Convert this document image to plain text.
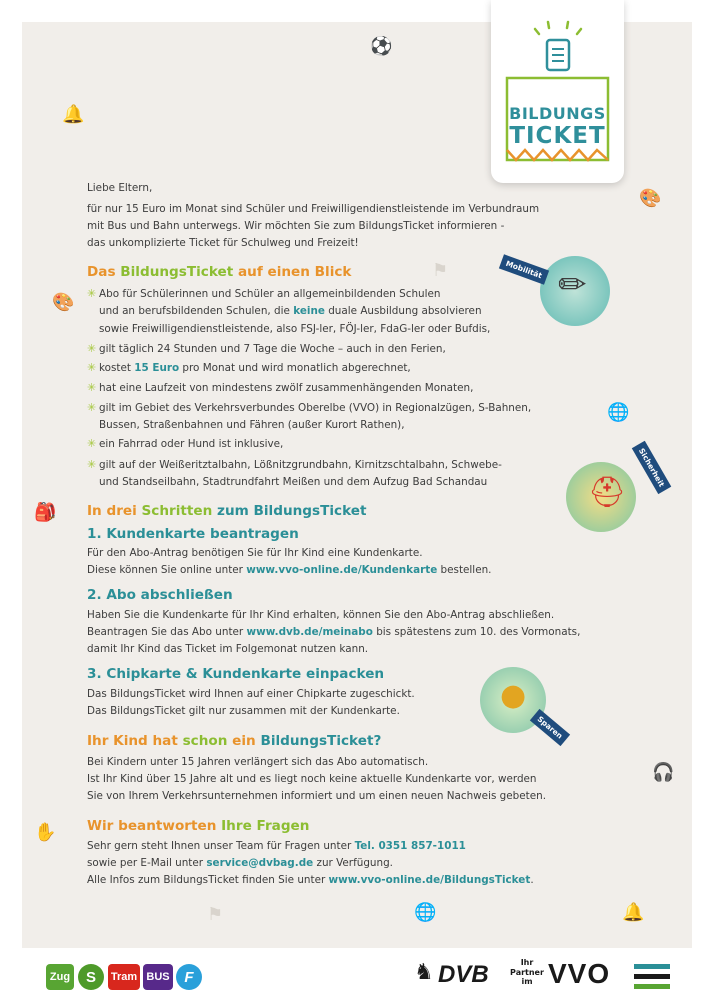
🔔
⚽
⚑
🎨
🌐
🎒
🎨
🎧
✋
⚑	🌐	🔔
BILDUNGS
TICKET
Liebe Eltern,
für nur 15 Euro im Monat sind Schüler und Freiwilligendienstleistende im Verbundraum
mit Bus und Bahn unterwegs. Wir möchten Sie zum BildungsTicket informieren -
das unkomplizierte Ticket für Schulweg und Freizeit!
Das BildungsTicket auf einen Blick
✳ Abo für Schülerinnen und Schüler an allgemeinbildenden Schulen
und an berufsbildenden Schulen, die keine duale Ausbildung absolvieren
sowie Freiwilligendienstleistende, also FSJ-ler, FÖJ-ler, FdaG-ler oder Bufdis,
✳ gilt täglich 24 Stunden und 7 Tage die Woche – auch in den Ferien,
✳ kostet 15 Euro pro Monat und wird monatlich abgerechnet,
✳ hat eine Laufzeit von mindestens zwölf zusammenhängenden Monaten,
✳ gilt im Gebiet des Verkehrsverbundes Oberelbe (VVO) in Regionalzügen, S-Bahnen,
Bussen, Straßenbahnen und Fähren (außer Kurort Rathen),
✳ ein Fahrrad oder Hund ist inklusive,
✳ gilt auf der Weißeritztalbahn, Lößnitzgrundbahn, Kirnitzschtalbahn, Schwebe-
und Standseilbahn, Stadtrundfahrt Meißen und dem Aufzug Bad Schandau
In drei Schritten zum BildungsTicket
1. Kundenkarte beantragen
Für den Abo-Antrag benötigen Sie für Ihr Kind eine Kundenkarte.
Diese können Sie online unter www.vvo-online.de/Kundenkarte bestellen.
2. Abo abschließen
Haben Sie die Kundenkarte für Ihr Kind erhalten, können Sie den Abo-Antrag abschließen.
Beantragen Sie das Abo unter www.dvb.de/meinabo bis spätestens zum 10. des Vormonats,
damit Ihr Kind das Ticket im Folgemonat nutzen kann.
3. Chipkarte & Kundenkarte einpacken
Das BildungsTicket wird Ihnen auf einer Chipkarte zugeschickt.
Das BildungsTicket gilt nur zusammen mit der Kundenkarte.
Ihr Kind hat schon ein BildungsTicket?
Bei Kindern unter 15 Jahren verlängert sich das Abo automatisch.
Ist Ihr Kind über 15 Jahre alt und es liegt noch keine aktuelle Kundenkarte vor, werden
Sie von Ihrem Verkehrsunternehmen informiert und um einen neuen Nachweis gebeten.
Wir beantworten Ihre Fragen
Sehr gern steht Ihnen unser Team für Fragen unter Tel. 0351 857-1011
sowie per E-Mail unter service@dvbag.de zur Verfügung.
Alle Infos zum BildungsTicket finden Sie unter www.vvo-online.de/BildungsTicket.
✏
Mobilität
⛑
Sicherheit
●
Sparen
Zug	S	Tram BUS F	♞ DVB	Ihr
Partner
im VVO
